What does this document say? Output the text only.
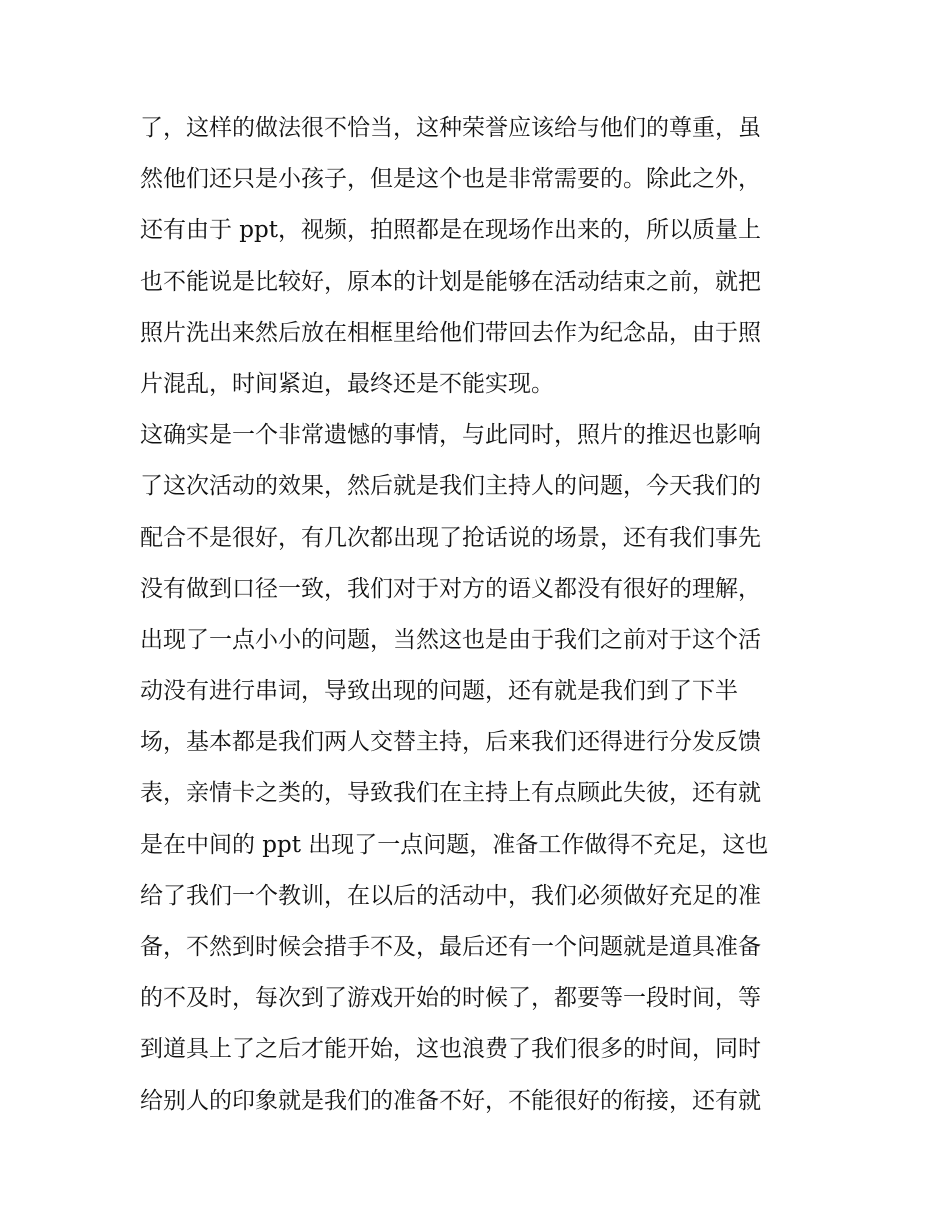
了，这样的做法很不恰当，这种荣誉应该给与他们的尊重，虽
然他们还只是小孩子，但是这个也是非常需要的。除此之外，
还有由于 ppt，视频，拍照都是在现场作出来的，所以质量上
也不能说是比较好，原本的计划是能够在活动结束之前，就把
照片洗出来然后放在相框里给他们带回去作为纪念品，由于照
片混乱，时间紧迫，最终还是不能实现。
这确实是一个非常遗憾的事情，与此同时，照片的推迟也影响
了这次活动的效果，然后就是我们主持人的问题，今天我们的
配合不是很好，有几次都出现了抢话说的场景，还有我们事先
没有做到口径一致，我们对于对方的语义都没有很好的理解，
出现了一点小小的问题，当然这也是由于我们之前对于这个活
动没有进行串词，导致出现的问题，还有就是我们到了下半
场，基本都是我们两人交替主持，后来我们还得进行分发反馈
表，亲情卡之类的，导致我们在主持上有点顾此失彼，还有就
是在中间的 ppt 出现了一点问题，准备工作做得不充足，这也
给了我们一个教训，在以后的活动中，我们必须做好充足的准
备，不然到时候会措手不及，最后还有一个问题就是道具准备
的不及时，每次到了游戏开始的时候了，都要等一段时间，等
到道具上了之后才能开始，这也浪费了我们很多的时间，同时
给别人的印象就是我们的准备不好，不能很好的衔接，还有就
